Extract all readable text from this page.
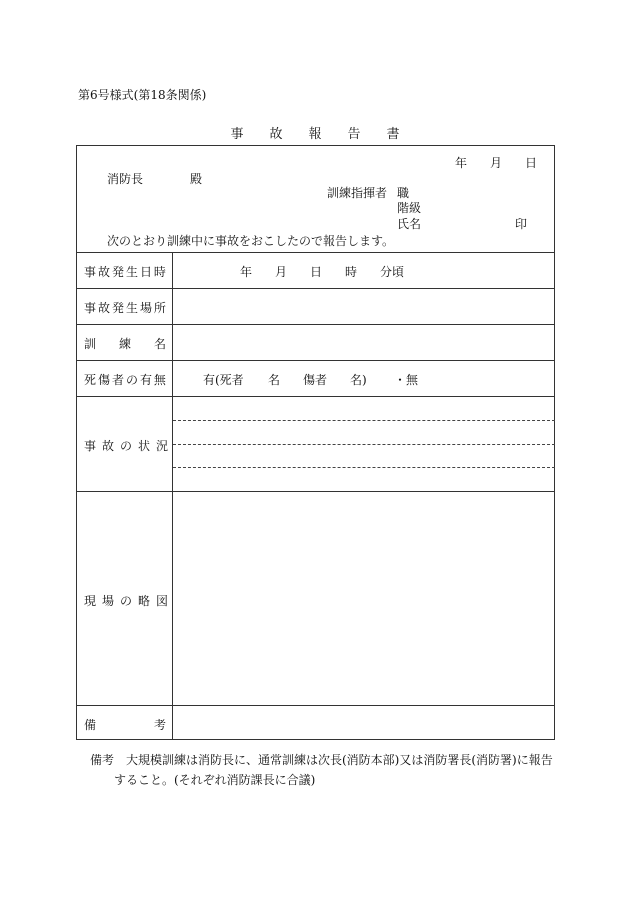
第6号様式(第18条関係)
事 故 報 告 書
年 月 日
消防長	殿
訓練指揮者 職
階級
氏名	印
次のとおり訓練中に事故をおこしたので報告します。
事 故 発 生 日 時	年 月 日 時 分頃
事 故 発 生 場 所
訓 練 名
死 傷 者 の 有 無	有(死者 名 傷者 名) ・無
事 故 の 状 況
現 場 の 略 図
備	考
備考　大規模訓練は消防長に、通常訓練は次長(消防本部)又は消防署長(消防署)に報告
すること。(それぞれ消防課長に合議)
